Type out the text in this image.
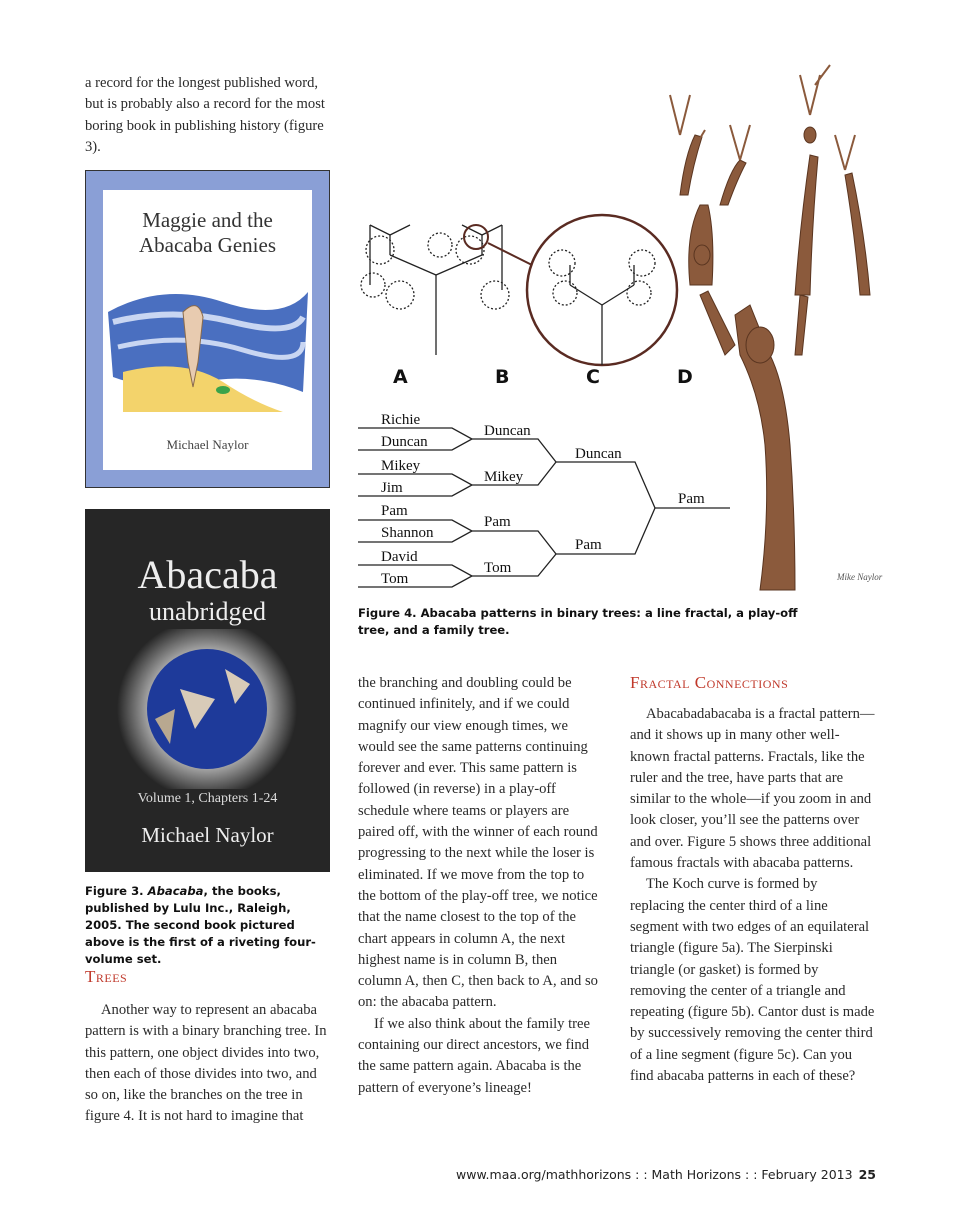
a record for the longest published word, but is probably also a record for the most boring book in publishing history (figure 3).

Maggie and the
Abacaba Genies
Michael Naylor
Abacaba
unabridged
Volume 1, Chapters 1-24
Michael Naylor
Figure 3. Abacaba, the books, published by Lulu Inc., Raleigh, 2005. The second book pictured above is the first of a riveting four-volume set.
Trees

Another way to represent an abacaba pattern is with a binary branching tree. In this pattern, one object divides into two, then each of those divides into two, and so on, like the branches on the tree in figure 4. It is not hard to imagine that

A	B	C	D
Mike Naylor
Richie
Duncan
Mikey
Jim
Pam
Shannon
David
Tom
Duncan
Mikey
Pam
Tom
Duncan
Pam
Pam
Figure 4. Abacaba patterns in binary trees: a line fractal, a play-off tree, and a family tree.

the branching and doubling could be continued infinitely, and if we could magnify our view enough times, we would see the same patterns continuing forever and ever. This same pattern is followed (in reverse) in a play-off schedule where teams or players are paired off, with the winner of each round progressing to the next while the loser is eliminated. If we move from the top to the bottom of the play-off tree, we notice that the name closest to the top of the chart appears in column A, the next highest name is in column B, then column A, then C, then back to A, and so on: the abacaba pattern.

If we also think about the family tree containing our direct ancestors, we find the same pattern again. Abacaba is the pattern of everyone’s lineage!

Fractal Connections

Abacabadabacaba is a fractal pattern—and it shows up in many other well-known fractal patterns. Fractals, like the ruler and the tree, have parts that are similar to the whole—if you zoom in and look closer, you’ll see the patterns over and over. Figure 5 shows three additional famous fractals with abacaba patterns.

The Koch curve is formed by replacing the center third of a line segment with two edges of an equilateral triangle (figure 5a). The Sierpinski triangle (or gasket) is formed by removing the center of a triangle and repeating (figure 5b). Cantor dust is made by successively removing the center third of a line segment (figure 5c). Can you find abacaba patterns in each of these?

www.maa.org/mathhorizons : : Math Horizons : : February 2013 25
